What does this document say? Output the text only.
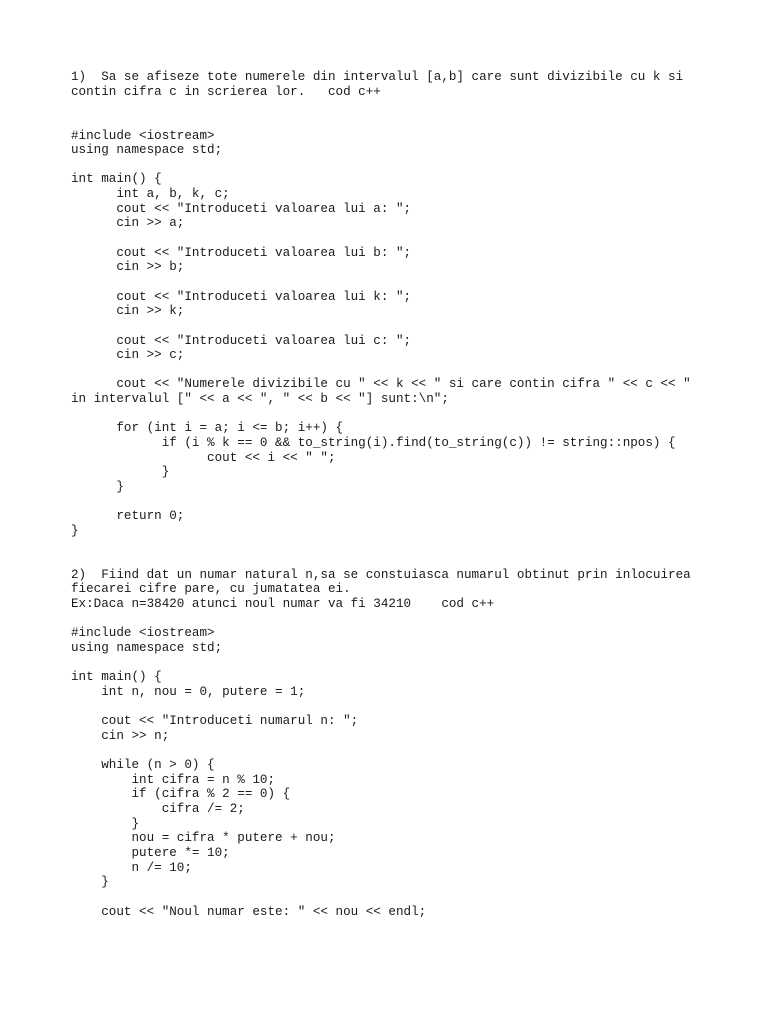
1)  Sa se afiseze tote numerele din intervalul [a,b] care sunt divizibile cu k si
contin cifra c in scrierea lor.   cod c++
#include <iostream>
using namespace std;
int main() {
int a, b, k, c;
cout << "Introduceti valoarea lui a: ";
cin >> a;
cout << "Introduceti valoarea lui b: ";
cin >> b;
cout << "Introduceti valoarea lui k: ";
cin >> k;
cout << "Introduceti valoarea lui c: ";
cin >> c;
cout << "Numerele divizibile cu " << k << " si care contin cifra " << c << "
in intervalul [" << a << ", " << b << "] sunt:\n";
for (int i = a; i <= b; i++) {
if (i % k == 0 && to_string(i).find(to_string(c)) != string::npos) {
cout << i << " ";
}
}
return 0;
}
2)  Fiind dat un numar natural n,sa se constuiasca numarul obtinut prin inlocuirea
fiecarei cifre pare, cu jumatatea ei.
Ex:Daca n=38420 atunci noul numar va fi 34210    cod c++
#include <iostream>
using namespace std;
int main() {
int n, nou = 0, putere = 1;
cout << "Introduceti numarul n: ";
cin >> n;
while (n > 0) {
int cifra = n % 10;
if (cifra % 2 == 0) {
cifra /= 2;
}
nou = cifra * putere + nou;
putere *= 10;
n /= 10;
}
cout << "Noul numar este: " << nou << endl;
